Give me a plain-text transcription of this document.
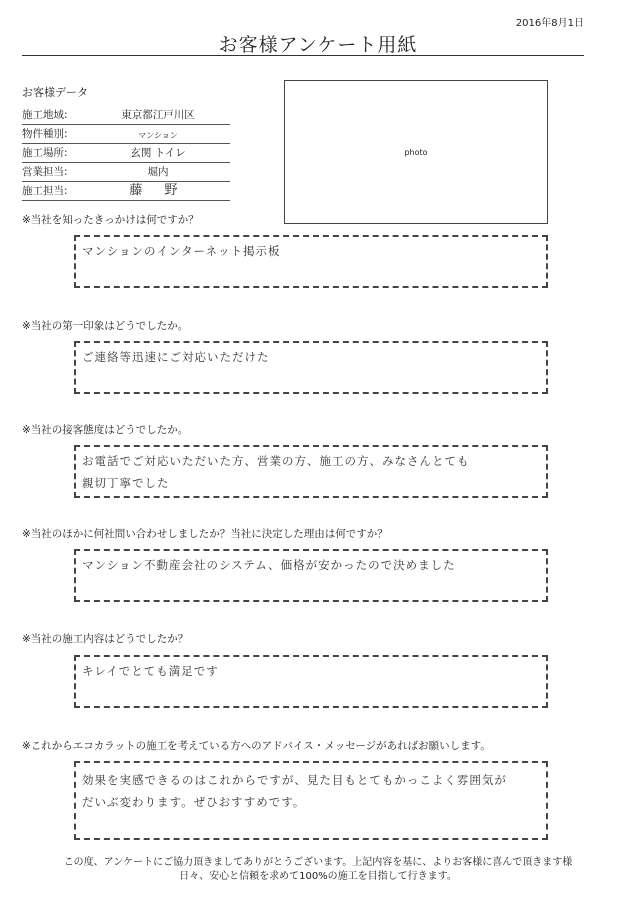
2016年8月1日
お客様アンケート用紙
お客様データ
施工地域:	東京都江戸川区
物件種別:	マンション
施工場所:	玄関 トイレ
営業担当:	堀内
施工担当:	藤 野
photo
※当社を知ったきっかけは何ですか？
マンションのインターネット掲示板
※当社の第一印象はどうでしたか。
ご連絡等迅速にご対応いただけた
※当社の接客態度はどうでしたか。
お電話でご対応いただいた方、営業の方、施工の方、みなさんとても
親切丁寧でした
※当社のほかに何社問い合わせしましたか？当社に決定した理由は何ですか？
マンション不動産会社のシステム、価格が安かったので決めました
※当社の施工内容はどうでしたか？
キレイでとても満足です
※これからエコカラットの施工を考えている方へのアドバイス・メッセージがあればお願いします。
効果を実感できるのはこれからですが、見た目もとてもかっこよく雰囲気が
だいぶ変わります。ぜひおすすめです。
この度、アンケートにご協力頂きましてありがとうございます。上記内容を基に、よりお客様に喜んで頂きます様
日々、安心と信頼を求めて100%の施工を目指して行きます。
